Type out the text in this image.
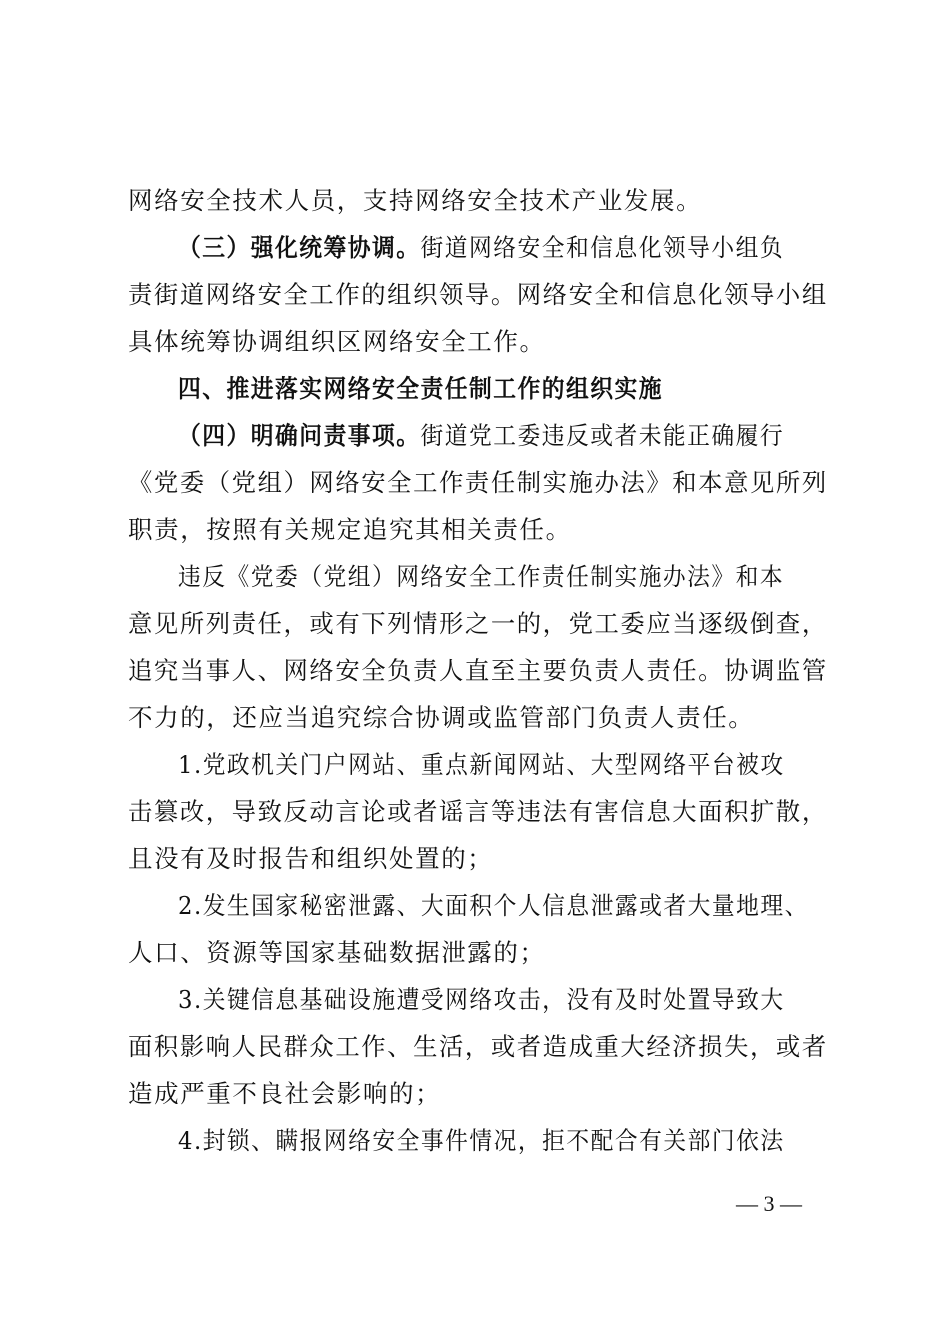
网络安全技术人员，支持网络安全技术产业发展。
（三）强化统筹协调。街道网络安全和信息化领导小组负
责街道网络安全工作的组织领导。网络安全和信息化领导小组
具体统筹协调组织区网络安全工作。
四、推进落实网络安全责任制工作的组织实施
（四）明确问责事项。街道党工委违反或者未能正确履行
《党委（党组）网络安全工作责任制实施办法》和本意见所列
职责，按照有关规定追究其相关责任。
违反《党委（党组）网络安全工作责任制实施办法》和本
意见所列责任，或有下列情形之一的，党工委应当逐级倒查，
追究当事人、网络安全负责人直至主要负责人责任。协调监管
不力的，还应当追究综合协调或监管部门负责人责任。
1.党政机关门户网站、重点新闻网站、大型网络平台被攻
击篡改，导致反动言论或者谣言等违法有害信息大面积扩散，
且没有及时报告和组织处置的；
2.发生国家秘密泄露、大面积个人信息泄露或者大量地理、
人口、资源等国家基础数据泄露的；
3.关键信息基础设施遭受网络攻击，没有及时处置导致大
面积影响人民群众工作、生活，或者造成重大经济损失，或者
造成严重不良社会影响的；
4.封锁、瞒报网络安全事件情况，拒不配合有关部门依法
— 3 —
